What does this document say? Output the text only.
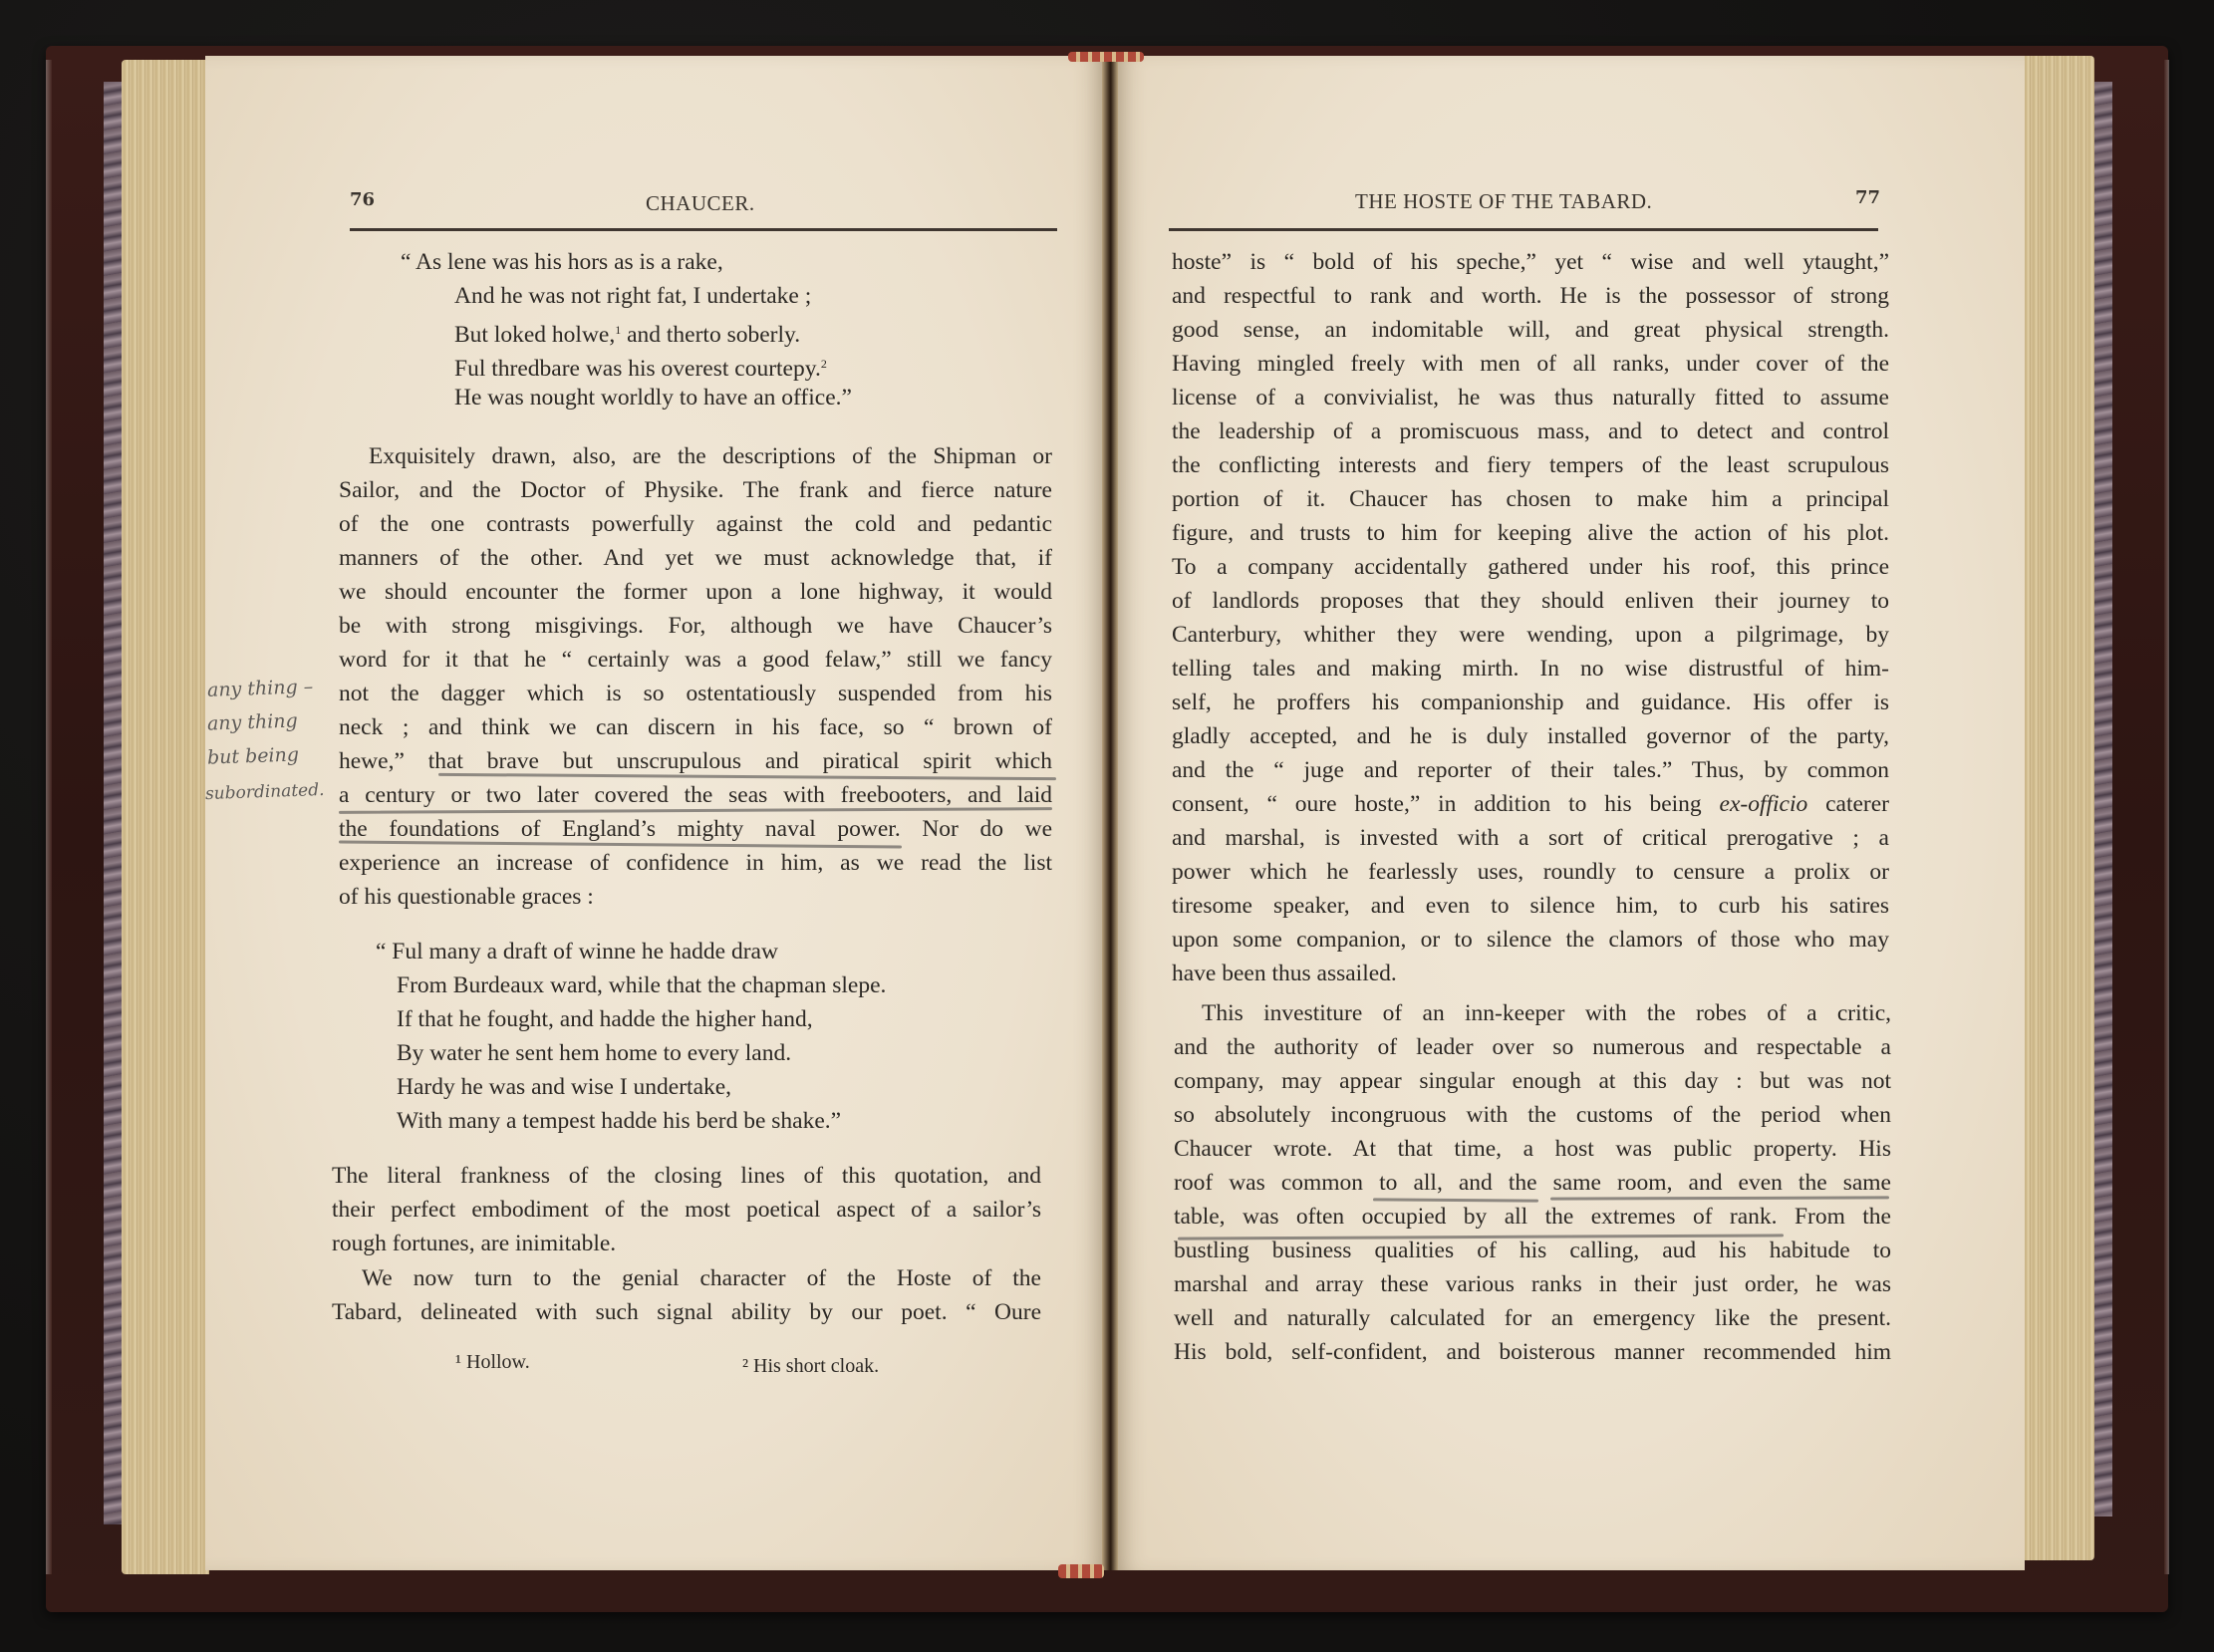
76	CHAUCER.
“ As lene was his hors as is a rake,
And he was not right fat, I undertake ;
But loked holwe,$^1$ and therto soberly.
Ful thredbare was his overest courtepy.$^2$
He was nought worldly to have an office.”
Exquisitely drawn, also, are the descriptions of the Shipman or
Sailor, and the Doctor of Physike. The frank and fierce nature
of the one contrasts powerfully against the cold and pedantic
manners of the other. And yet we must acknowledge that, if
we should encounter the former upon a lone highway, it would
be with strong misgivings. For, although we have Chaucer’s
word for it that he “ certainly was a good felaw,” still we fancy
not the dagger which is so ostentatiously suspended from his
neck ; and think we can discern in his face, so “ brown of
hewe,” that brave but unscrupulous and piratical spirit which
a century or two later covered the seas with freebooters, and laid
the foundations of England’s mighty naval power. Nor do we
experience an increase of confidence in him, as we read the list
of his questionable graces :
any thing –
any thing
but being
subordinated.
“ Ful many a draft of winne he hadde draw
From Burdeaux ward, while that the chapman slepe.
If that he fought, and hadde the higher hand,
By water he sent hem home to every land.
Hardy he was and wise I undertake,
With many a tempest hadde his berd be shake.”
The literal frankness of the closing lines of this quotation, and
their perfect embodiment of the most poetical aspect of a sailor’s
rough fortunes, are inimitable.
We now turn to the genial character of the Hoste of the
Tabard, delineated with such signal ability by our poet. “ Oure
¹ Hollow.	² His short cloak.
THE HOSTE OF THE TABARD.	77
hoste” is “ bold of his speche,” yet “ wise and well ytaught,”
and respectful to rank and worth. He is the possessor of strong
good sense, an indomitable will, and great physical strength.
Having mingled freely with men of all ranks, under cover of the
license of a convivialist, he was thus naturally fitted to assume
the leadership of a promiscuous mass, and to detect and control
the conflicting interests and fiery tempers of the least scrupulous
portion of it. Chaucer has chosen to make him a principal
figure, and trusts to him for keeping alive the action of his plot.
To a company accidentally gathered under his roof, this prince
of landlords proposes that they should enliven their journey to
Canterbury, whither they were wending, upon a pilgrimage, by
telling tales and making mirth. In no wise distrustful of him-
self, he proffers his companionship and guidance. His offer is
gladly accepted, and he is duly installed governor of the party,
and the “ juge and reporter of their tales.” Thus, by common
consent, “ oure hoste,” in addition to his being ex-officio caterer
and marshal, is invested with a sort of critical prerogative ; a
power which he fearlessly uses, roundly to censure a prolix or
tiresome speaker, and even to silence him, to curb his satires
upon some companion, or to silence the clamors of those who may
have been thus assailed.
This investiture of an inn-keeper with the robes of a critic,
and the authority of leader over so numerous and respectable a
company, may appear singular enough at this day : but was not
so absolutely incongruous with the customs of the period when
Chaucer wrote. At that time, a host was public property. His
roof was common to all, and the same room, and even the same
table, was often occupied by all the extremes of rank. From the
bustling business qualities of his calling, aud his habitude to
marshal and array these various ranks in their just order, he was
well and naturally calculated for an emergency like the present.
His bold, self-confident, and boisterous manner recommended him
